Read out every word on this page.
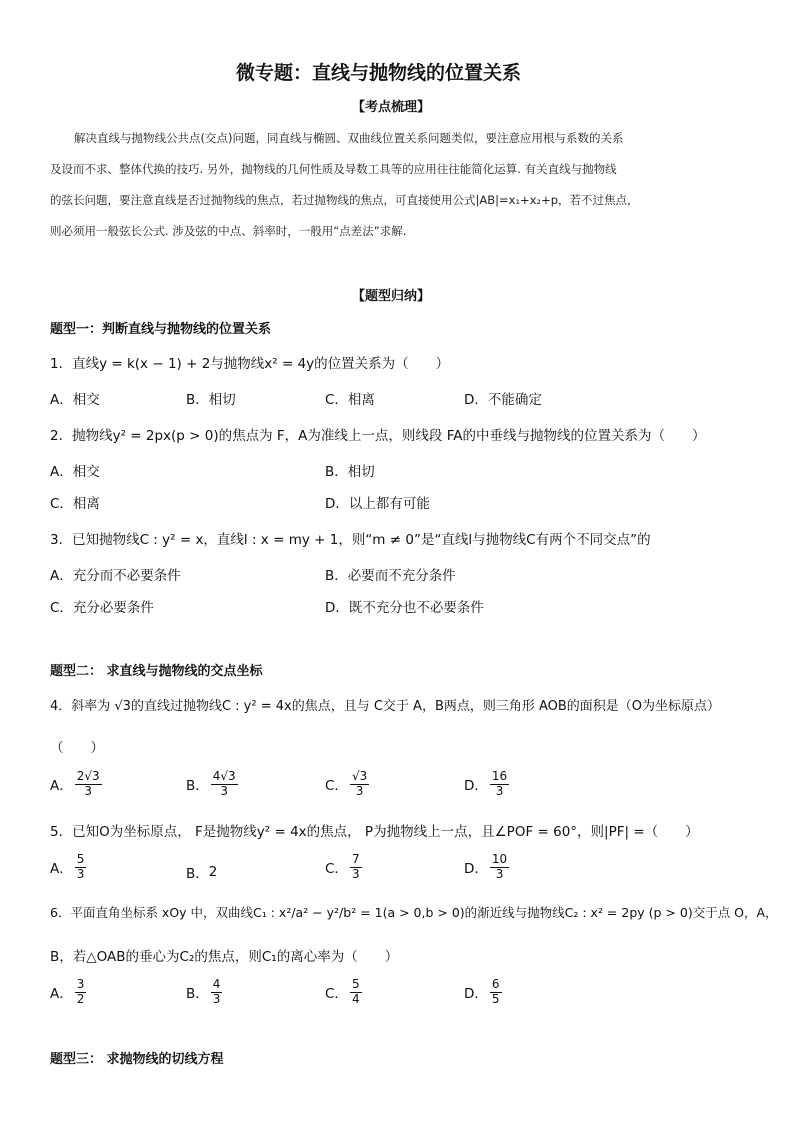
微专题：直线与抛物线的位置关系
【考点梳理】
解决直线与抛物线公共点(交点)问题，同直线与椭圆、双曲线位置关系问题类似，要注意应用根与系数的关系
及设而不求、整体代换的技巧. 另外，抛物线的几何性质及导数工具等的应用往往能简化运算. 有关直线与抛物线
的弦长问题，要注意直线是否过抛物线的焦点，若过抛物线的焦点，可直接使用公式|AB|=x₁+x₂+p，若不过焦点，
则必须用一般弦长公式. 涉及弦的中点、斜率时，一般用“点差法”求解.
【题型归纳】
题型一：判断直线与抛物线的位置关系
1．直线y = k(x − 1) + 2与抛物线x² = 4y的位置关系为（　　）
A．相交	B．相切	C．相离	D．不能确定
2．抛物线y² = 2px(p > 0)的焦点为 F，A为准线上一点，则线段 FA的中垂线与抛物线的位置关系为（　　）
A．相交	B．相切
C．相离	D．以上都有可能
3．已知抛物线C : y² = x，直线l : x = my + 1，则“m ≠ 0”是“直线l与抛物线C有两个不同交点”的
A．充分而不必要条件	B．必要而不充分条件
C．充分必要条件	D．既不充分也不必要条件
题型二： 求直线与抛物线的交点坐标
4．斜率为 √3的直线过抛物线C : y² = 4x的焦点，且与 C交于 A，B两点，则三角形 AOB的面积是（O为坐标原点）
（　　）
A． $\frac{2√3}{3}$	B． $\frac{4√3}{3}$	C． $\frac{√3}{3}$	D． $\frac{16}{3}$
5．已知O为坐标原点， F是抛物线y² = 4x的焦点， P为抛物线上一点，且∠POF = 60°，则|PF| =（　　）
A． $\frac{5}{3}$	B．2	C． $\frac{7}{3}$	D． $\frac{10}{3}$
6．平面直角坐标系 xOy 中，双曲线C₁ : x²/a² − y²/b² = 1(a > 0,b > 0)的渐近线与抛物线C₂ : x² = 2py (p > 0)交于点 O，A，
B，若△OAB的垂心为C₂的焦点，则C₁的离心率为（　　）
A． $\frac{3}{2}$	B． $\frac{4}{3}$	C． $\frac{5}{4}$	D． $\frac{6}{5}$
题型三： 求抛物线的切线方程
